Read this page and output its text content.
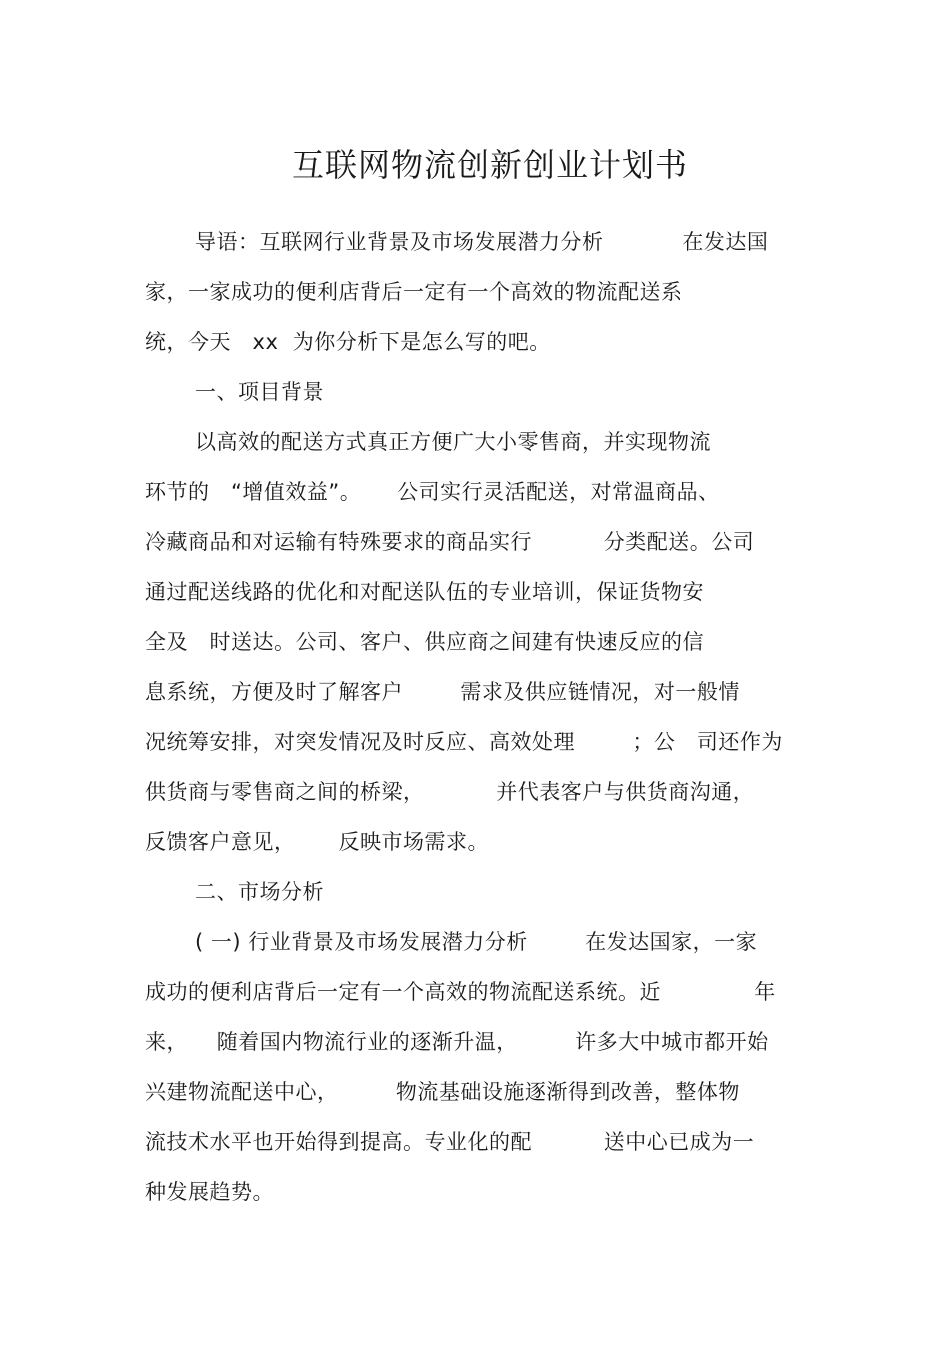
互联网物流创新创业计划书
导语：互联网行业背景及市场发展潜力分析           在发达国
家，一家成功的便利店背后一定有一个高效的物流配送系
统，今天   xx  为你分析下是怎么写的吧。
一、项目背景
以高效的配送方式真正方便广大小零售商，并实现物流
环节的   “增值效益”。     公司实行灵活配送，对常温商品、
冷藏商品和对运输有特殊要求的商品实行          分类配送。公司
通过配送线路的优化和对配送队伍的专业培训，保证货物安
全及   时送达。公司、客户、供应商之间建有快速反应的信
息系统，方便及时了解客户        需求及供应链情况，对一般情
况统筹安排，对突发情况及时反应、高效处理        ；公   司还作为
供货商与零售商之间的桥梁，          并代表客户与供货商沟通，
反馈客户意见，      反映市场需求。
二、市场分析
( 一) 行业背景及市场发展潜力分析        在发达国家，一家
成功的便利店背后一定有一个高效的物流配送系统。近             年
来，    随着国内物流行业的逐渐升温，        许多大中城市都开始
兴建物流配送中心，        物流基础设施逐渐得到改善，整体物
流技术水平也开始得到提高。专业化的配          送中心已成为一
种发展趋势。
